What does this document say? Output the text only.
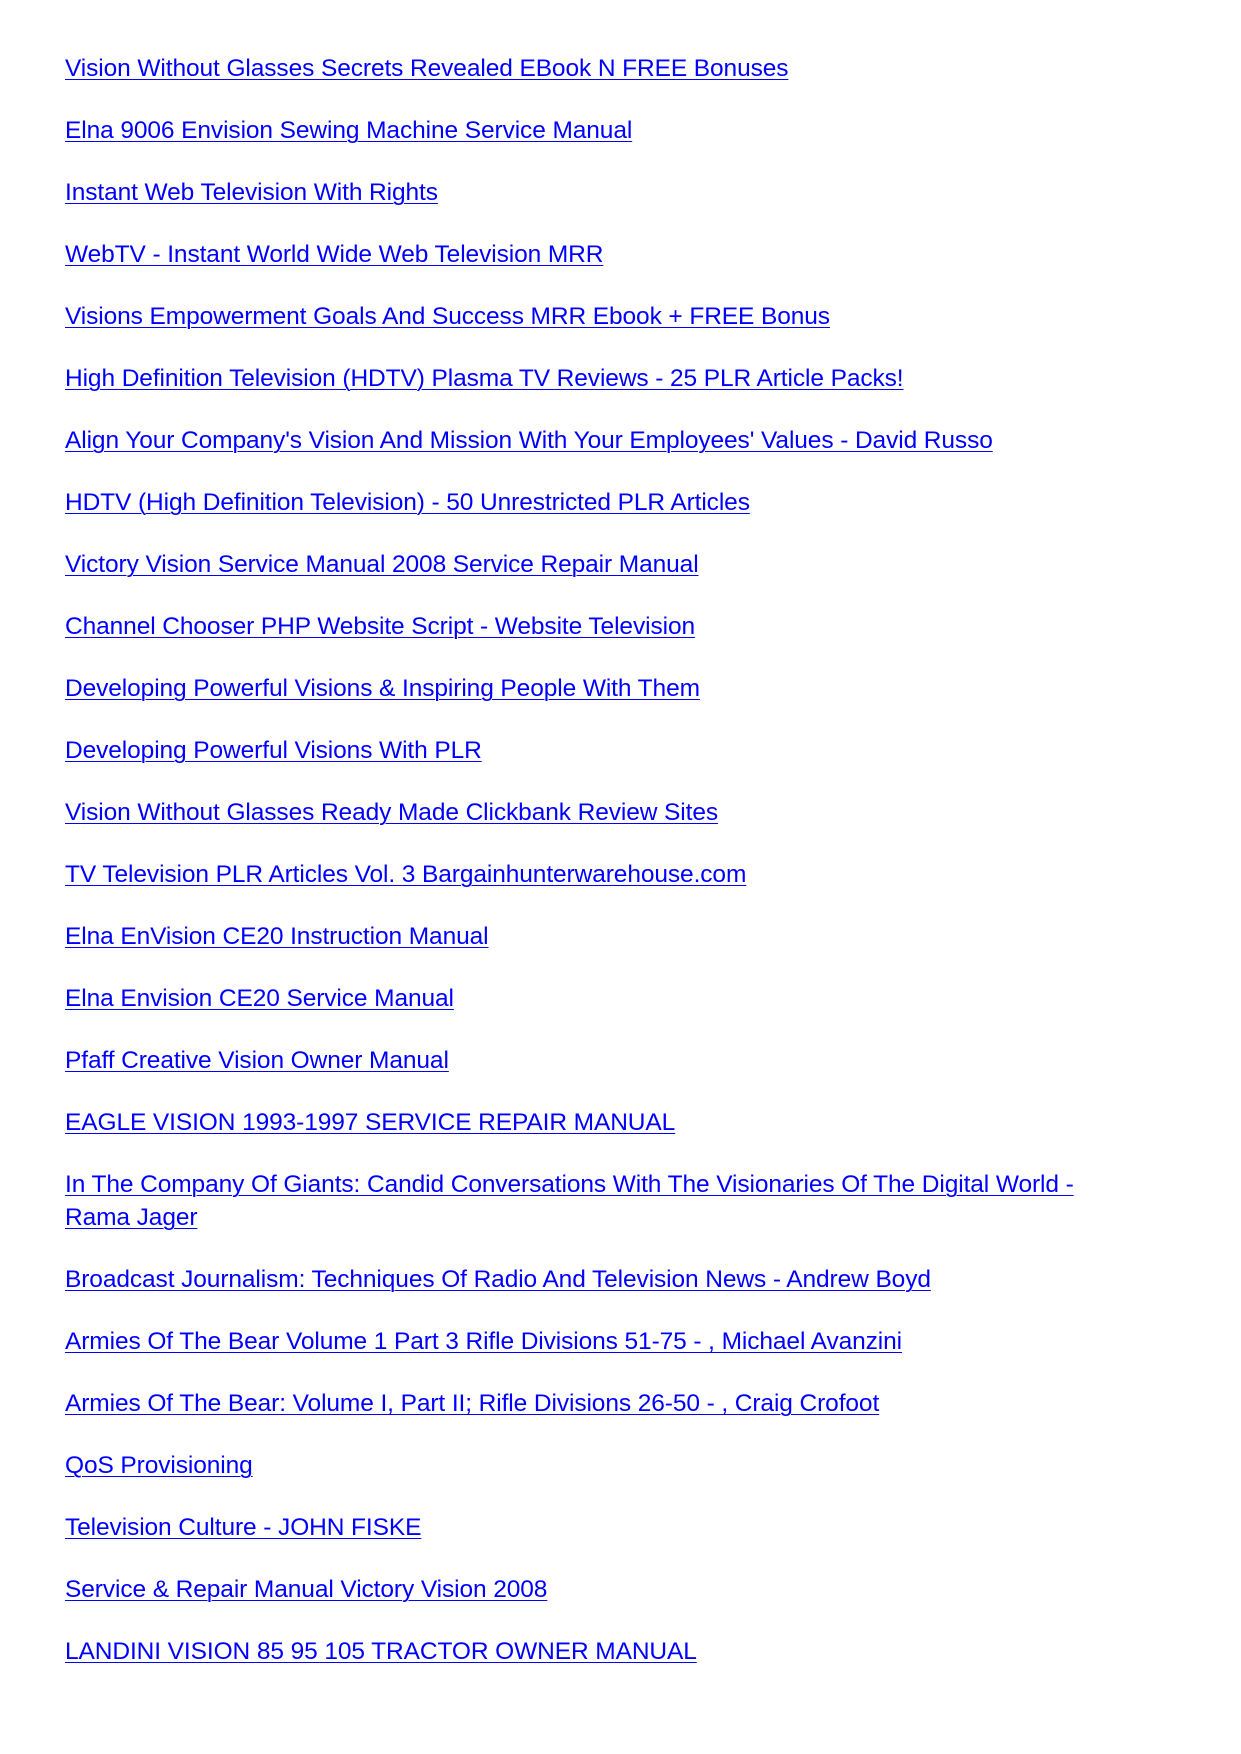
Vision Without Glasses Secrets Revealed EBook N FREE Bonuses
Elna 9006 Envision Sewing Machine Service Manual
Instant Web Television With Rights
WebTV - Instant World Wide Web Television MRR
Visions Empowerment Goals And Success MRR Ebook + FREE Bonus
High Definition Television (HDTV) Plasma TV Reviews - 25 PLR Article Packs!
Align Your Company's Vision And Mission With Your Employees' Values - David Russo
HDTV (High Definition Television) - 50 Unrestricted PLR Articles
Victory Vision Service Manual 2008 Service Repair Manual
Channel Chooser PHP Website Script - Website Television
Developing Powerful Visions & Inspiring People With Them
Developing Powerful Visions With PLR
Vision Without Glasses Ready Made Clickbank Review Sites
TV Television PLR Articles Vol. 3 Bargainhunterwarehouse.com
Elna EnVision CE20 Instruction Manual
Elna Envision CE20 Service Manual
Pfaff Creative Vision Owner Manual
EAGLE VISION 1993-1997 SERVICE REPAIR MANUAL
In The Company Of Giants: Candid Conversations With The Visionaries Of The Digital World - Rama Jager
Broadcast Journalism: Techniques Of Radio And Television News - Andrew Boyd
Armies Of The Bear Volume 1 Part 3 Rifle Divisions 51-75 - , Michael Avanzini
Armies Of The Bear: Volume I, Part II; Rifle Divisions 26-50 - , Craig Crofoot
QoS Provisioning
Television Culture - JOHN FISKE
Service & Repair Manual Victory Vision 2008
LANDINI VISION 85 95 105 TRACTOR OWNER MANUAL
